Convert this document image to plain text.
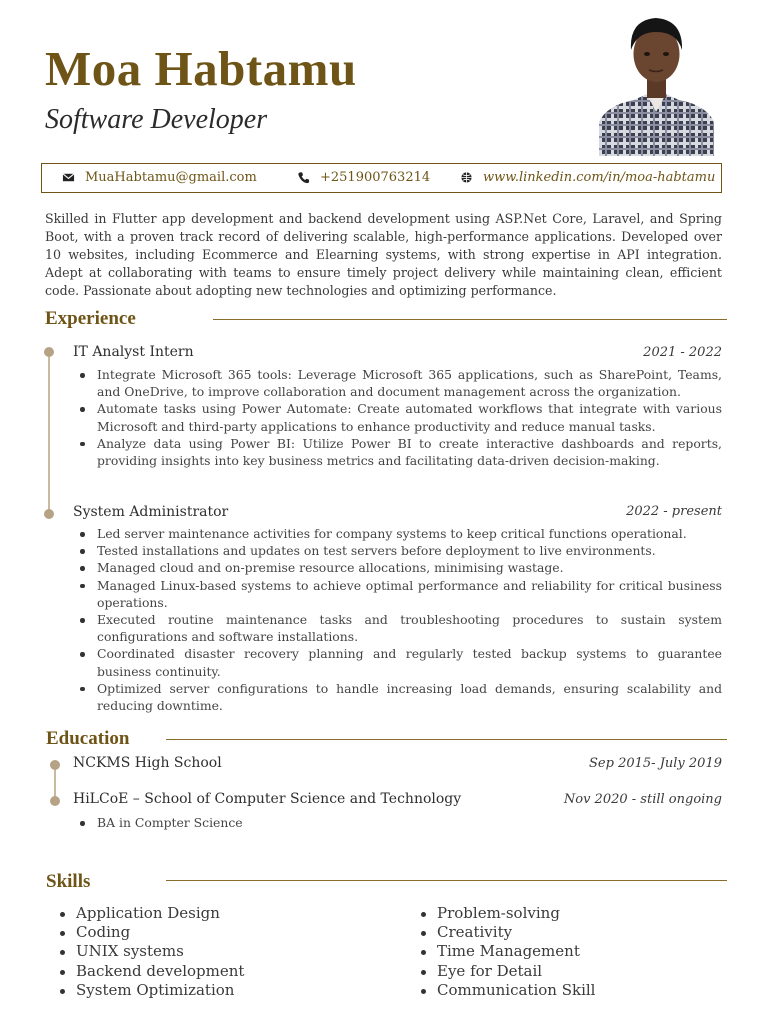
Moa Habtamu
Software Developer
MuaHabtamu@gmail.com	+251900763214	www.linkedin.com/in/moa-habtamu
Skilled in Flutter app development and backend development using ASP.Net Core, Laravel, and Spring Boot, with a proven track record of delivering scalable, high-performance applications. Developed over 10 websites, including Ecommerce and Elearning systems, with strong expertise in API integration. Adept at collaborating with teams to ensure timely project delivery while maintaining clean, efficient code. Passionate about adopting new technologies and optimizing performance.
Experience
IT Analyst Intern	2021 - 2022
Integrate Microsoft 365 tools: Leverage Microsoft 365 applications, such as SharePoint, Teams, and OneDrive, to improve collaboration and document management across the organization.
Automate tasks using Power Automate: Create automated workflows that integrate with various Microsoft and third-party applications to enhance productivity and reduce manual tasks.
Analyze data using Power BI: Utilize Power BI to create interactive dashboards and reports, providing insights into key business metrics and facilitating data-driven decision-making.
System Administrator	2022 - present
Led server maintenance activities for company systems to keep critical functions operational.
Tested installations and updates on test servers before deployment to live environments.
Managed cloud and on-premise resource allocations, minimising wastage.
Managed Linux-based systems to achieve optimal performance and reliability for critical business operations.
Executed routine maintenance tasks and troubleshooting procedures to sustain system configurations and software installations.
Coordinated disaster recovery planning and regularly tested backup systems to guarantee business continuity.
Optimized server configurations to handle increasing load demands, ensuring scalability and reducing downtime.
Education
NCKMS High School	Sep 2015- July 2019
HiLCoE – School of Computer Science and Technology	Nov 2020 - still ongoing
BA in Compter Science
Skills
Application Design
Coding
UNIX systems
Backend development
System Optimization
Problem-solving
Creativity
Time Management
Eye for Detail
Communication Skill
